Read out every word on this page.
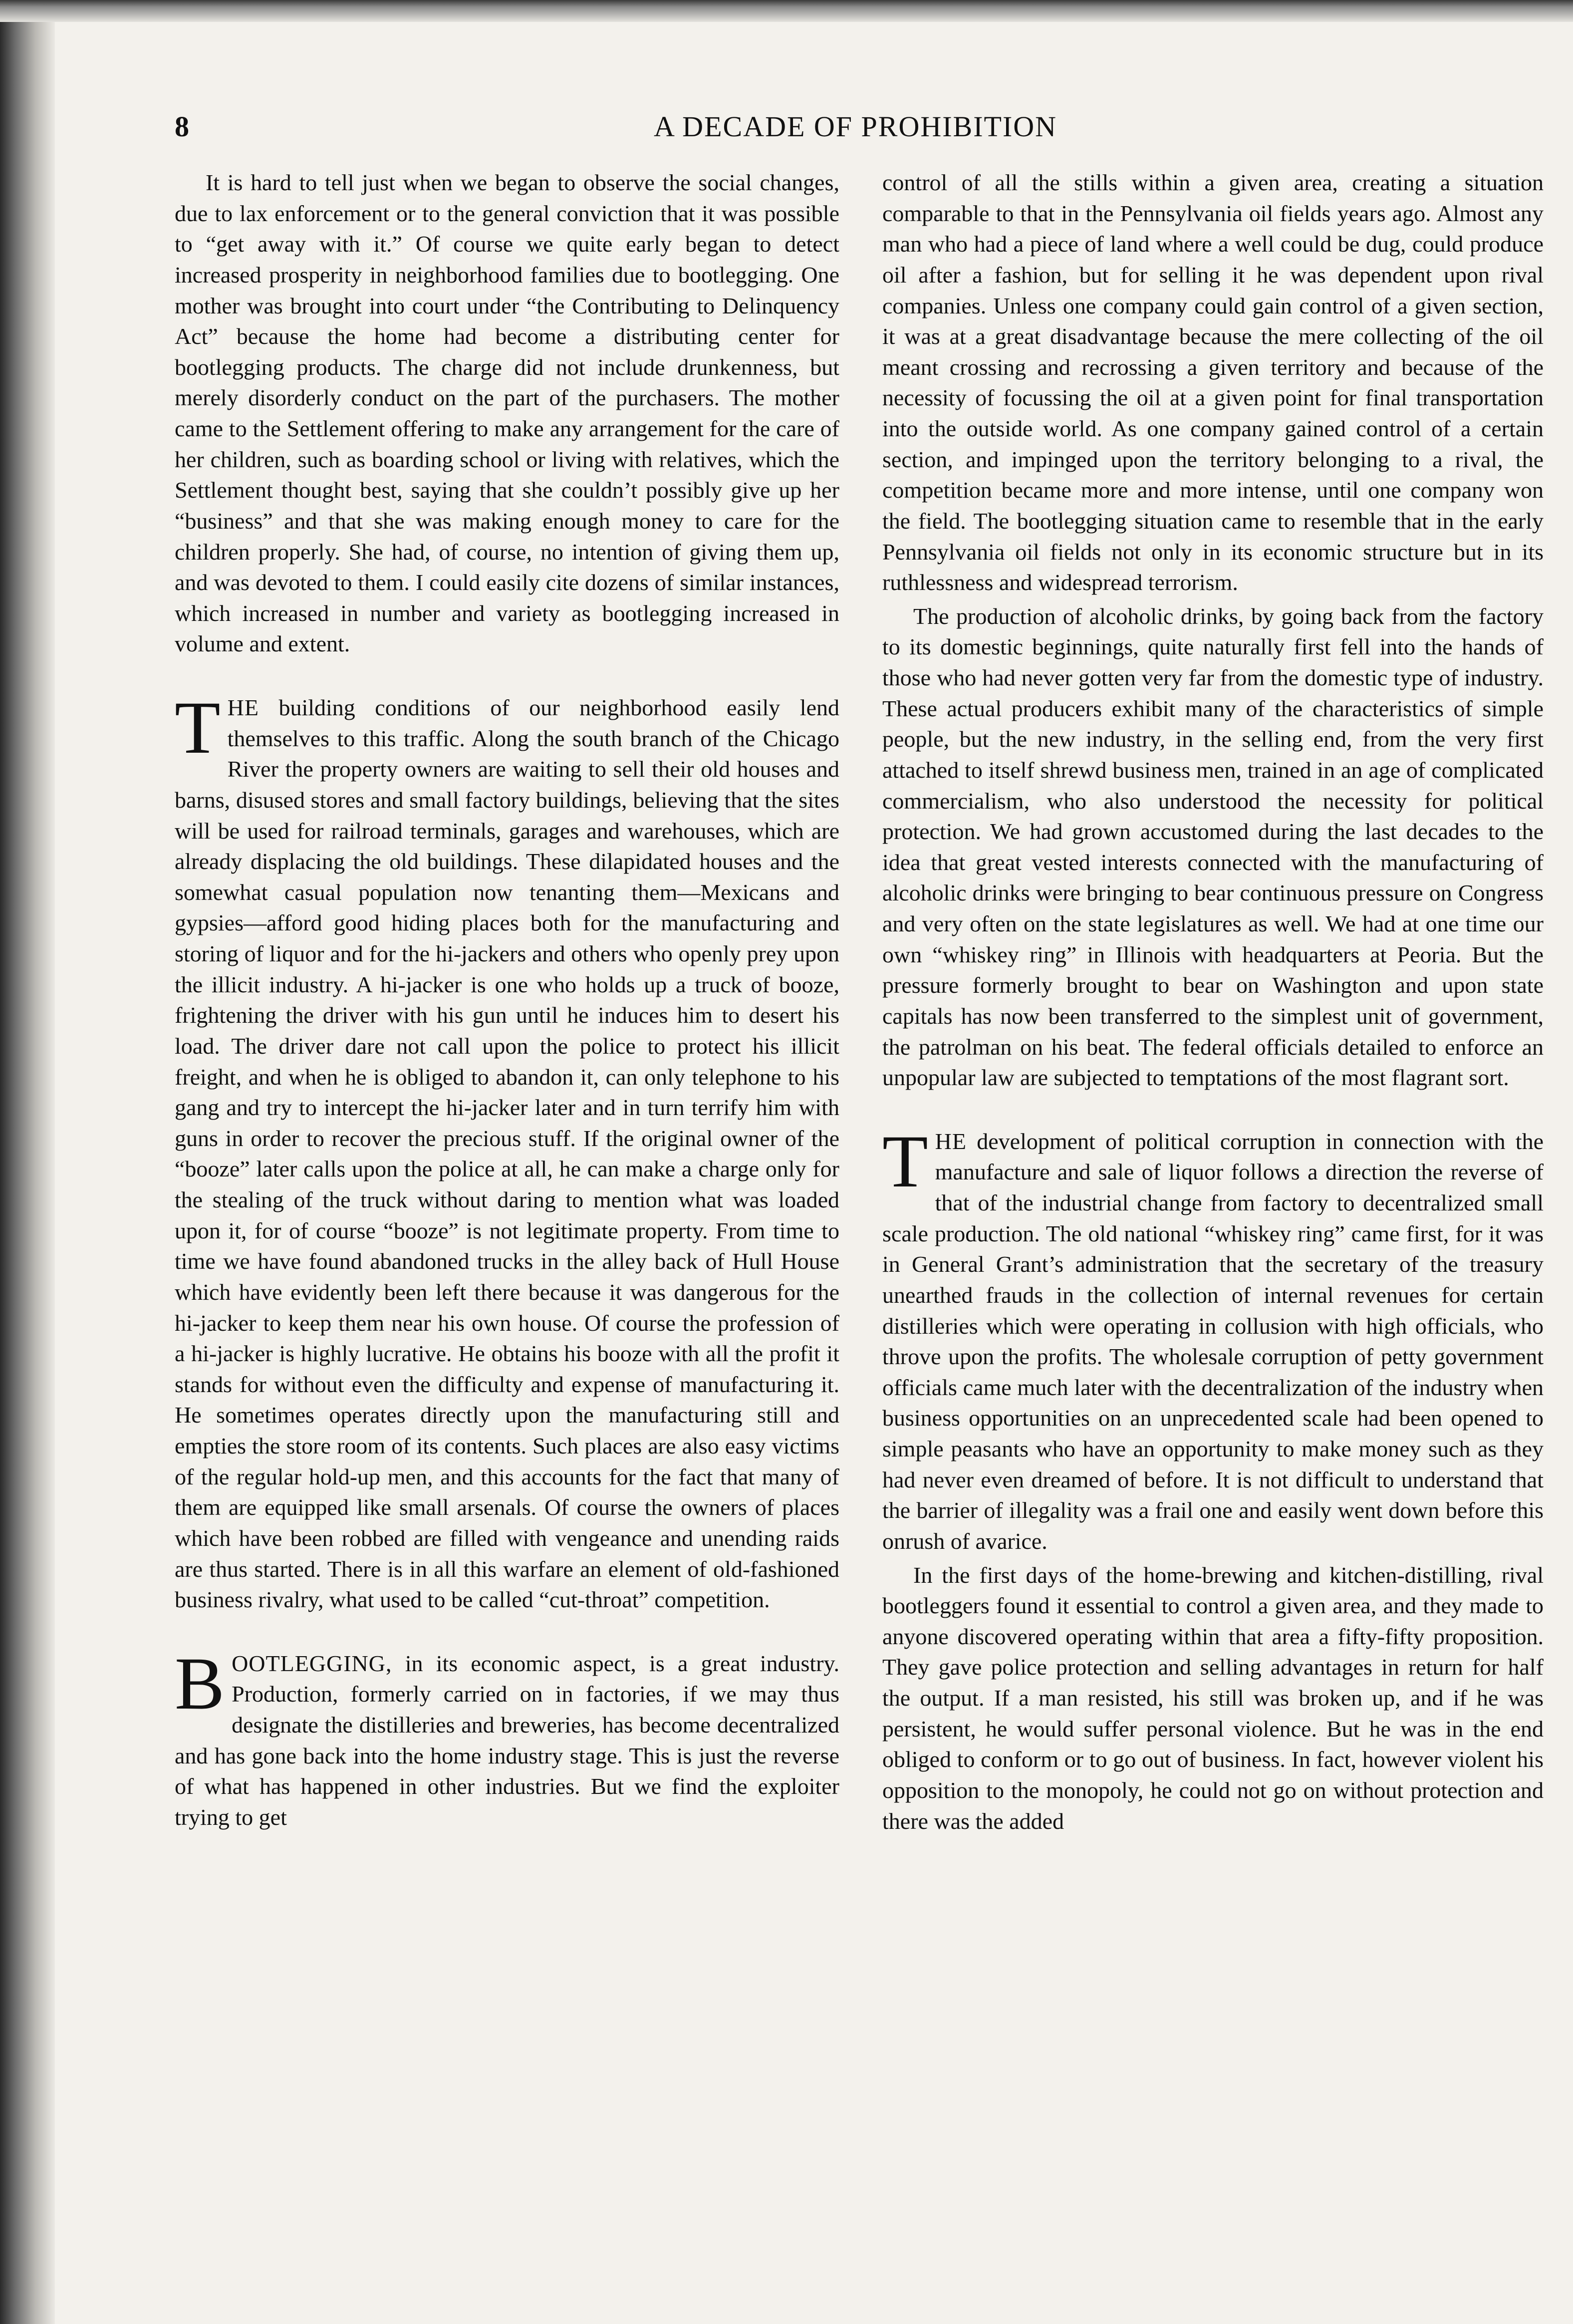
8	A DECADE OF PROHIBITION

It is hard to tell just when we began to observe the social changes, due to lax enforcement or to the general conviction that it was possible to “get away with it.” Of course we quite early began to detect increased prosperity in neighborhood families due to bootlegging. One mother was brought into court under “the Contributing to Delinquency Act” because the home had become a distributing center for bootlegging products. The charge did not include drunkenness, but merely disorderly conduct on the part of the purchasers. The mother came to the Settlement offering to make any arrangement for the care of her children, such as boarding school or living with relatives, which the Settlement thought best, saying that she couldn’t possibly give up her “business” and that she was making enough money to care for the children properly. She had, of course, no intention of giving them up, and was devoted to them. I could easily cite dozens of similar instances, which increased in number and variety as bootlegging increased in volume and extent.

THE building conditions of our neighborhood easily lend themselves to this traffic. Along the south branch of the Chicago River the property owners are waiting to sell their old houses and barns, disused stores and small factory buildings, believing that the sites will be used for railroad terminals, garages and warehouses, which are already displacing the old buildings. These dilapidated houses and the somewhat casual population now tenanting them—Mexicans and gypsies—afford good hiding places both for the manufacturing and storing of liquor and for the hi-jackers and others who openly prey upon the illicit industry. A hi-jacker is one who holds up a truck of booze, frightening the driver with his gun until he induces him to desert his load. The driver dare not call upon the police to protect his illicit freight, and when he is obliged to abandon it, can only telephone to his gang and try to intercept the hi-jacker later and in turn terrify him with guns in order to recover the precious stuff. If the original owner of the “booze” later calls upon the police at all, he can make a charge only for the stealing of the truck without daring to mention what was loaded upon it, for of course “booze” is not legitimate property. From time to time we have found abandoned trucks in the alley back of Hull House which have evidently been left there because it was dangerous for the hi-jacker to keep them near his own house. Of course the profession of a hi-jacker is highly lucrative. He obtains his booze with all the profit it stands for without even the difficulty and expense of manufacturing it. He sometimes operates directly upon the manufacturing still and empties the store room of its contents. Such places are also easy victims of the regular hold-up men, and this accounts for the fact that many of them are equipped like small arsenals. Of course the owners of places which have been robbed are filled with vengeance and unending raids are thus started. There is in all this warfare an element of old-fashioned business rivalry, what used to be called “cut-throat” competition.

BOOTLEGGING, in its economic aspect, is a great industry. Production, formerly carried on in factories, if we may thus designate the distilleries and breweries, has become decentralized and has gone back into the home industry stage. This is just the reverse of what has happened in other industries. But we find the exploiter trying to get

control of all the stills within a given area, creating a situation comparable to that in the Pennsylvania oil fields years ago. Almost any man who had a piece of land where a well could be dug, could produce oil after a fashion, but for selling it he was dependent upon rival companies. Unless one company could gain control of a given section, it was at a great disadvantage because the mere collecting of the oil meant crossing and recrossing a given territory and because of the necessity of focussing the oil at a given point for final transportation into the outside world. As one company gained control of a certain section, and impinged upon the territory belonging to a rival, the competition became more and more intense, until one company won the field. The bootlegging situation came to resemble that in the early Pennsylvania oil fields not only in its economic structure but in its ruthlessness and widespread terrorism.

The production of alcoholic drinks, by going back from the factory to its domestic beginnings, quite naturally first fell into the hands of those who had never gotten very far from the domestic type of industry. These actual producers exhibit many of the characteristics of simple people, but the new industry, in the selling end, from the very first attached to itself shrewd business men, trained in an age of complicated commercialism, who also understood the necessity for political protection. We had grown accustomed during the last decades to the idea that great vested interests connected with the manufacturing of alcoholic drinks were bringing to bear continuous pressure on Congress and very often on the state legislatures as well. We had at one time our own “whiskey ring” in Illinois with headquarters at Peoria. But the pressure formerly brought to bear on Washington and upon state capitals has now been transferred to the simplest unit of government, the patrolman on his beat. The federal officials detailed to enforce an unpopular law are subjected to temptations of the most flagrant sort.

THE development of political corruption in connection with the manufacture and sale of liquor follows a direction the reverse of that of the industrial change from factory to decentralized small scale production. The old national “whiskey ring” came first, for it was in General Grant’s administration that the secretary of the treasury unearthed frauds in the collection of internal revenues for certain distilleries which were operating in collusion with high officials, who throve upon the profits. The wholesale corruption of petty government officials came much later with the decentralization of the industry when business opportunities on an unprecedented scale had been opened to simple peasants who have an opportunity to make money such as they had never even dreamed of before. It is not difficult to understand that the barrier of illegality was a frail one and easily went down before this onrush of avarice.

In the first days of the home-brewing and kitchen-distilling, rival bootleggers found it essential to control a given area, and they made to anyone discovered operating within that area a fifty-fifty proposition. They gave police protection and selling advantages in return for half the output. If a man resisted, his still was broken up, and if he was persistent, he would suffer personal violence. But he was in the end obliged to conform or to go out of business. In fact, however violent his opposition to the monopoly, he could not go on without protection and there was the added
